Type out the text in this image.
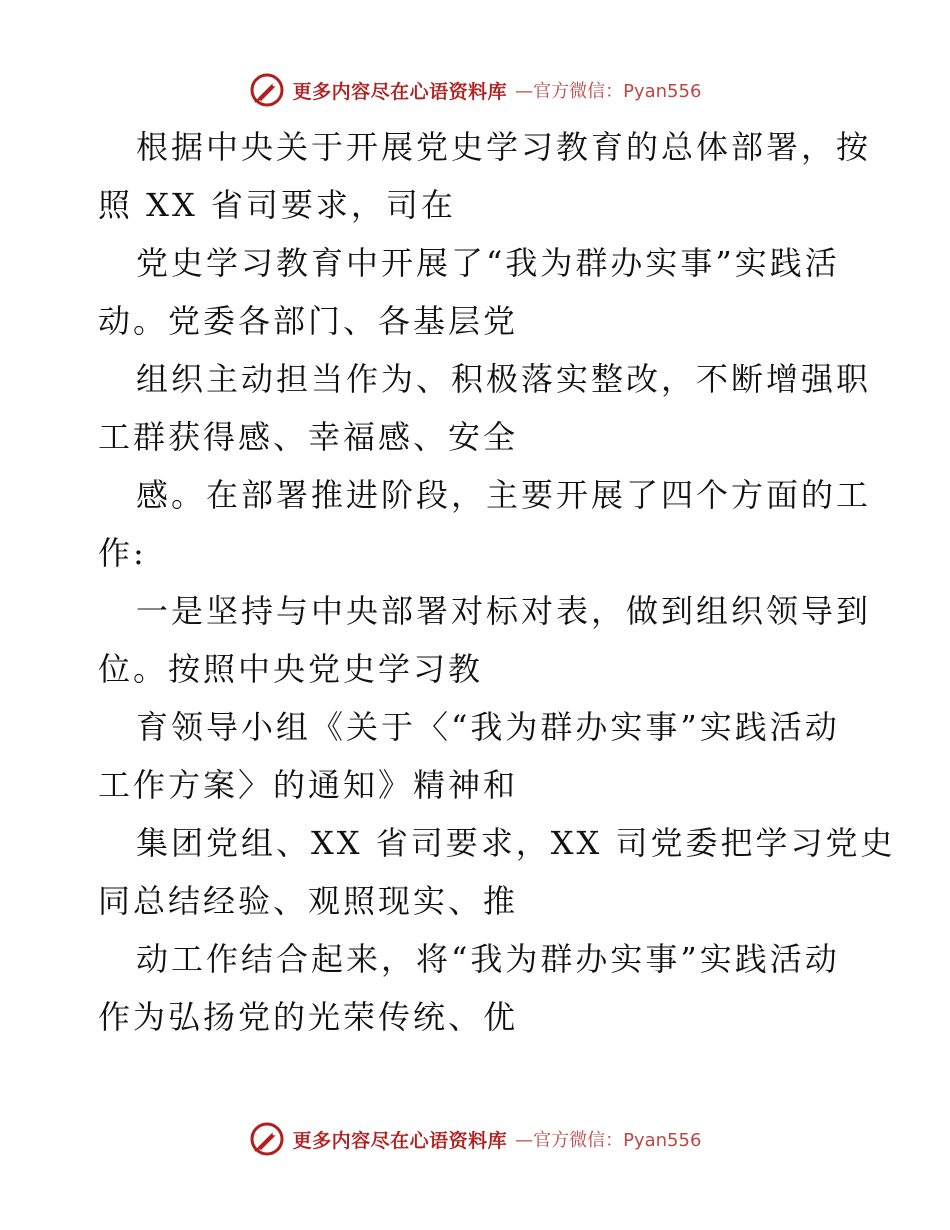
更多内容尽在心语资料库 —官方微信：Pyan556
根据中央关于开展党史学习教育的总体部署，按
照 XX 省司要求，司在
党史学习教育中开展了“我为群办实事”实践活
动。党委各部门、各基层党
组织主动担当作为、积极落实整改，不断增强职
工群获得感、幸福感、安全
感。在部署推进阶段，主要开展了四个方面的工
作:
一是坚持与中央部署对标对表，做到组织领导到
位。按照中央党史学习教
育领导小组《关于〈“我为群办实事”实践活动
工作方案〉的通知》精神和
集团党组、XX 省司要求，XX 司党委把学习党史
同总结经验、观照现实、推
动工作结合起来，将“我为群办实事”实践活动
作为弘扬党的光荣传统、优
更多内容尽在心语资料库 —官方微信：Pyan556
